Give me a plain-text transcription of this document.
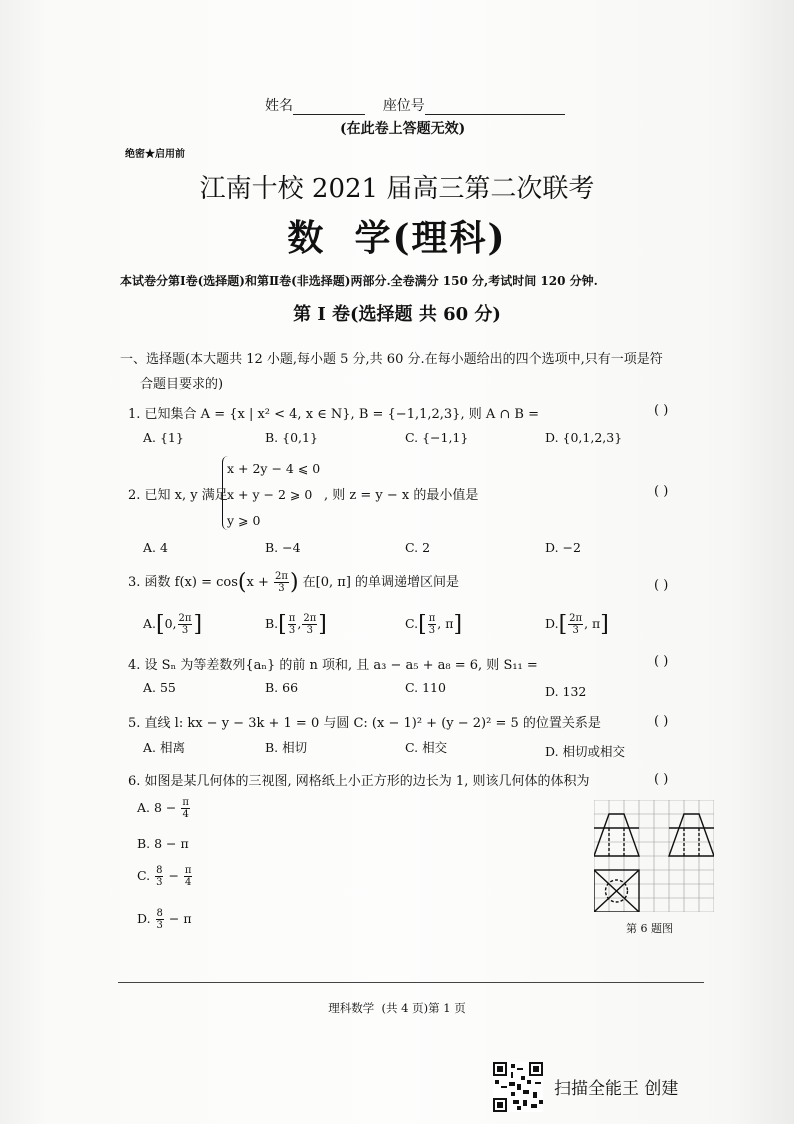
姓名	座位号
(在此卷上答题无效)
绝密★启用前
江南十校 2021 届高三第二次联考
数  学(理科)
本试卷分第Ⅰ卷(选择题)和第Ⅱ卷(非选择题)两部分.全卷满分 150 分,考试时间 120 分钟.
第 Ⅰ 卷(选择题 共 60 分)
一、选择题(本大题共 12 小题,每小题 5 分,共 60 分.在每小题给出的四个选项中,只有一项是符
合题目要求的)
1. 已知集合 A = {x | x² < 4, x ∈ N}, B = {−1,1,2,3}, 则 A ∩ B =	( )
A. {1}	B. {0,1}	C. {−1,1}	D. {0,1,2,3}
2. 已知 x, y 满足
x + 2y − 4 ⩽ 0
x + y − 2 ⩾ 0
y ⩾ 0
, 则 z = y − x 的最小值是	( )
A. 4	B. −4	C. 2	D. −2
3. 函数 $f(x) = \cos(x + \frac{2\pi}{3}$ ) 在[0, π] 的单调递增区间是	( )
A.[0, $\frac{2\pi}{3}$ ]	$B.[ \frac{\pi}{3}$ , $\frac{2\pi}{3}$ ]	$C.[ \frac{\pi}{3}$ , π]	$D.[ \frac{2\pi}{3}$ , π]
4. 设 Sₙ 为等差数列{aₙ} 的前 n 项和, 且 a₃ − a₅ + a₈ = 6, 则 S₁₁ =	( )
A. 55	B. 66	C. 110	D. 132
5. 直线 l: kx − y − 3k + 1 = 0 与圆 C: (x − 1)² + (y − 2)² = 5 的位置关系是	( )
A. 相离	B. 相切	C. 相交	D. 相切或相交
6. 如图是某几何体的三视图, 网格纸上小正方形的边长为 1, 则该几何体的体积为	( )
A. $8 - \frac{\pi}{4}$
B. 8 − π
C. $\frac{8}{3} - \frac{\pi}{4}$
D. $\frac{8}{3} - \pi$
第 6 题图
理科数学  (共 4 页)第 1 页
扫描全能王 创建
